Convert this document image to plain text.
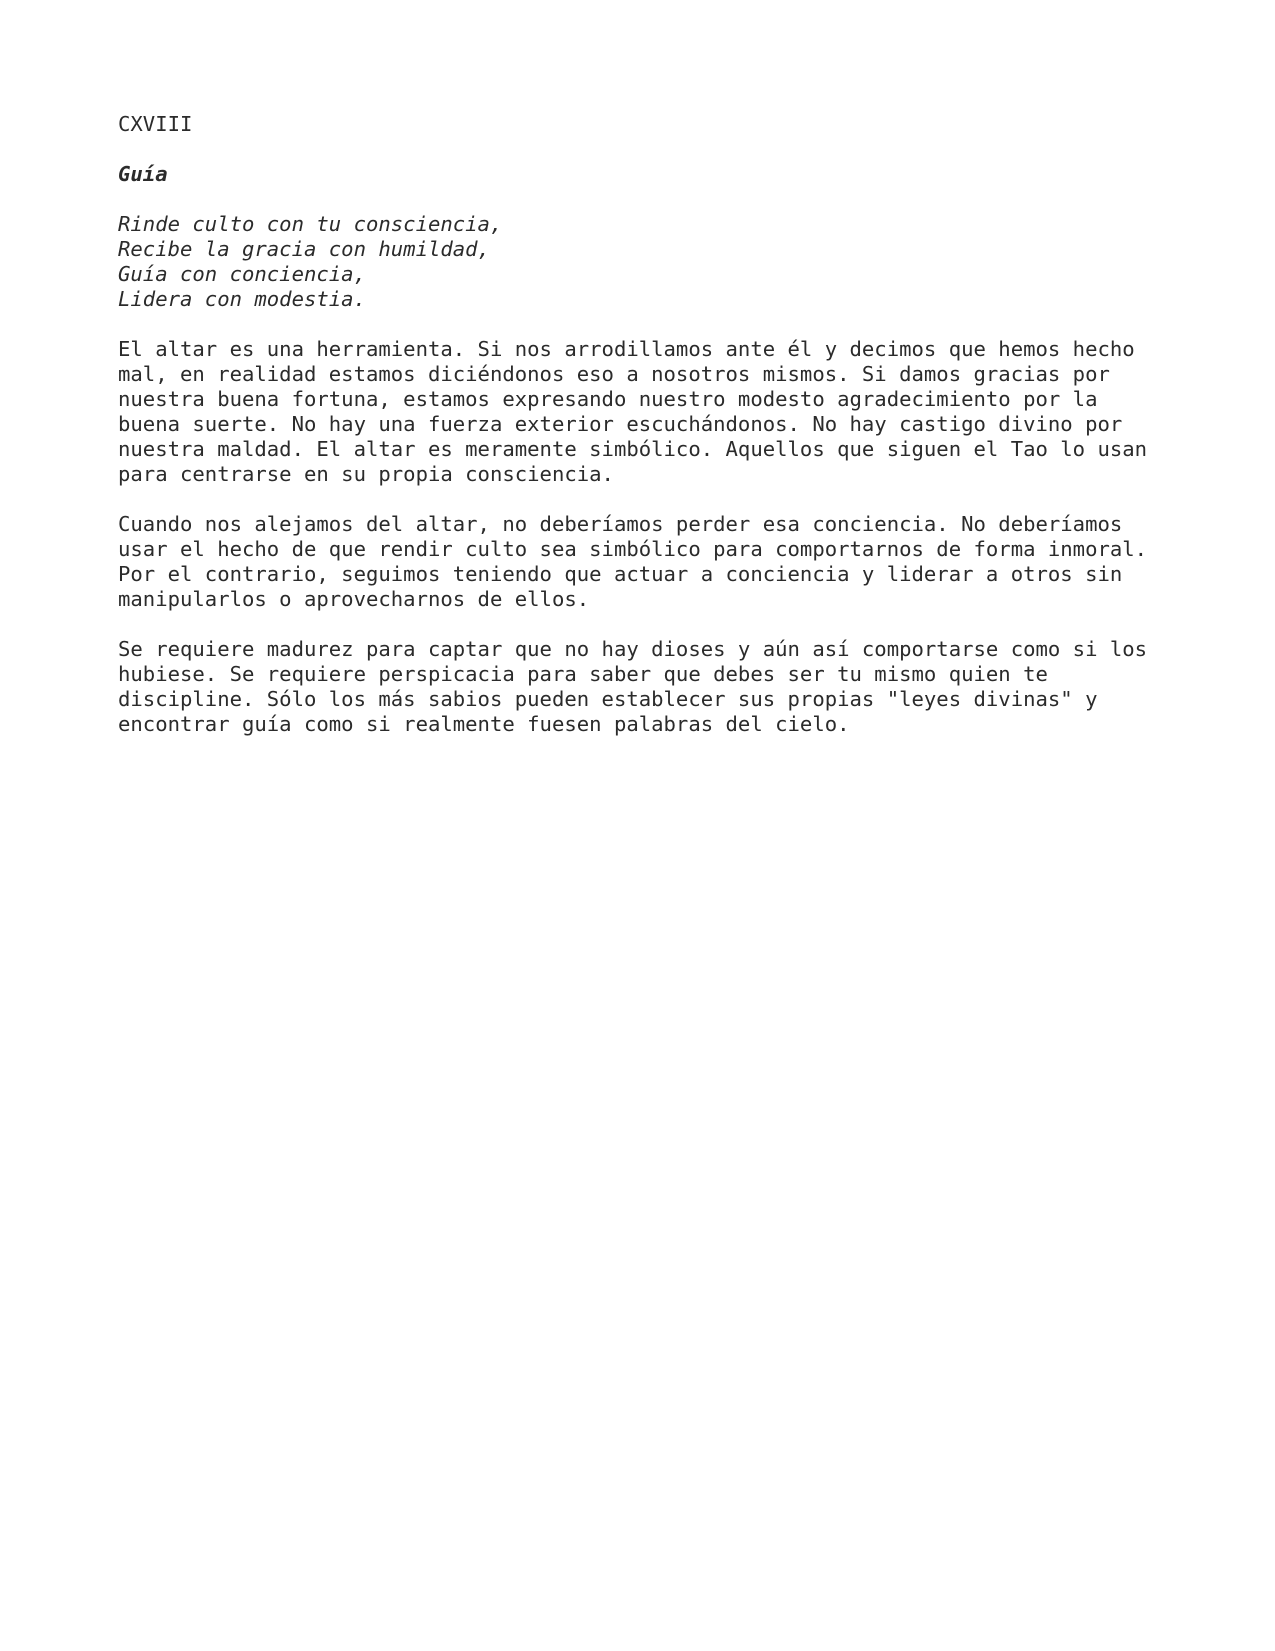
CXVIII
Guía
Rinde culto con tu consciencia,
Recibe la gracia con humildad,
Guía con conciencia,
Lidera con modestia.
El altar es una herramienta. Si nos arrodillamos ante él y decimos que hemos hecho
mal, en realidad estamos diciéndonos eso a nosotros mismos. Si damos gracias por
nuestra buena fortuna, estamos expresando nuestro modesto agradecimiento por la
buena suerte. No hay una fuerza exterior escuchándonos. No hay castigo divino por
nuestra maldad. El altar es meramente simbólico. Aquellos que siguen el Tao lo usan
para centrarse en su propia consciencia.
Cuando nos alejamos del altar, no deberíamos perder esa conciencia. No deberíamos
usar el hecho de que rendir culto sea simbólico para comportarnos de forma inmoral.
Por el contrario, seguimos teniendo que actuar a conciencia y liderar a otros sin
manipularlos o aprovecharnos de ellos.
Se requiere madurez para captar que no hay dioses y aún así comportarse como si los
hubiese. Se requiere perspicacia para saber que debes ser tu mismo quien te
discipline. Sólo los más sabios pueden establecer sus propias "leyes divinas" y
encontrar guía como si realmente fuesen palabras del cielo.
